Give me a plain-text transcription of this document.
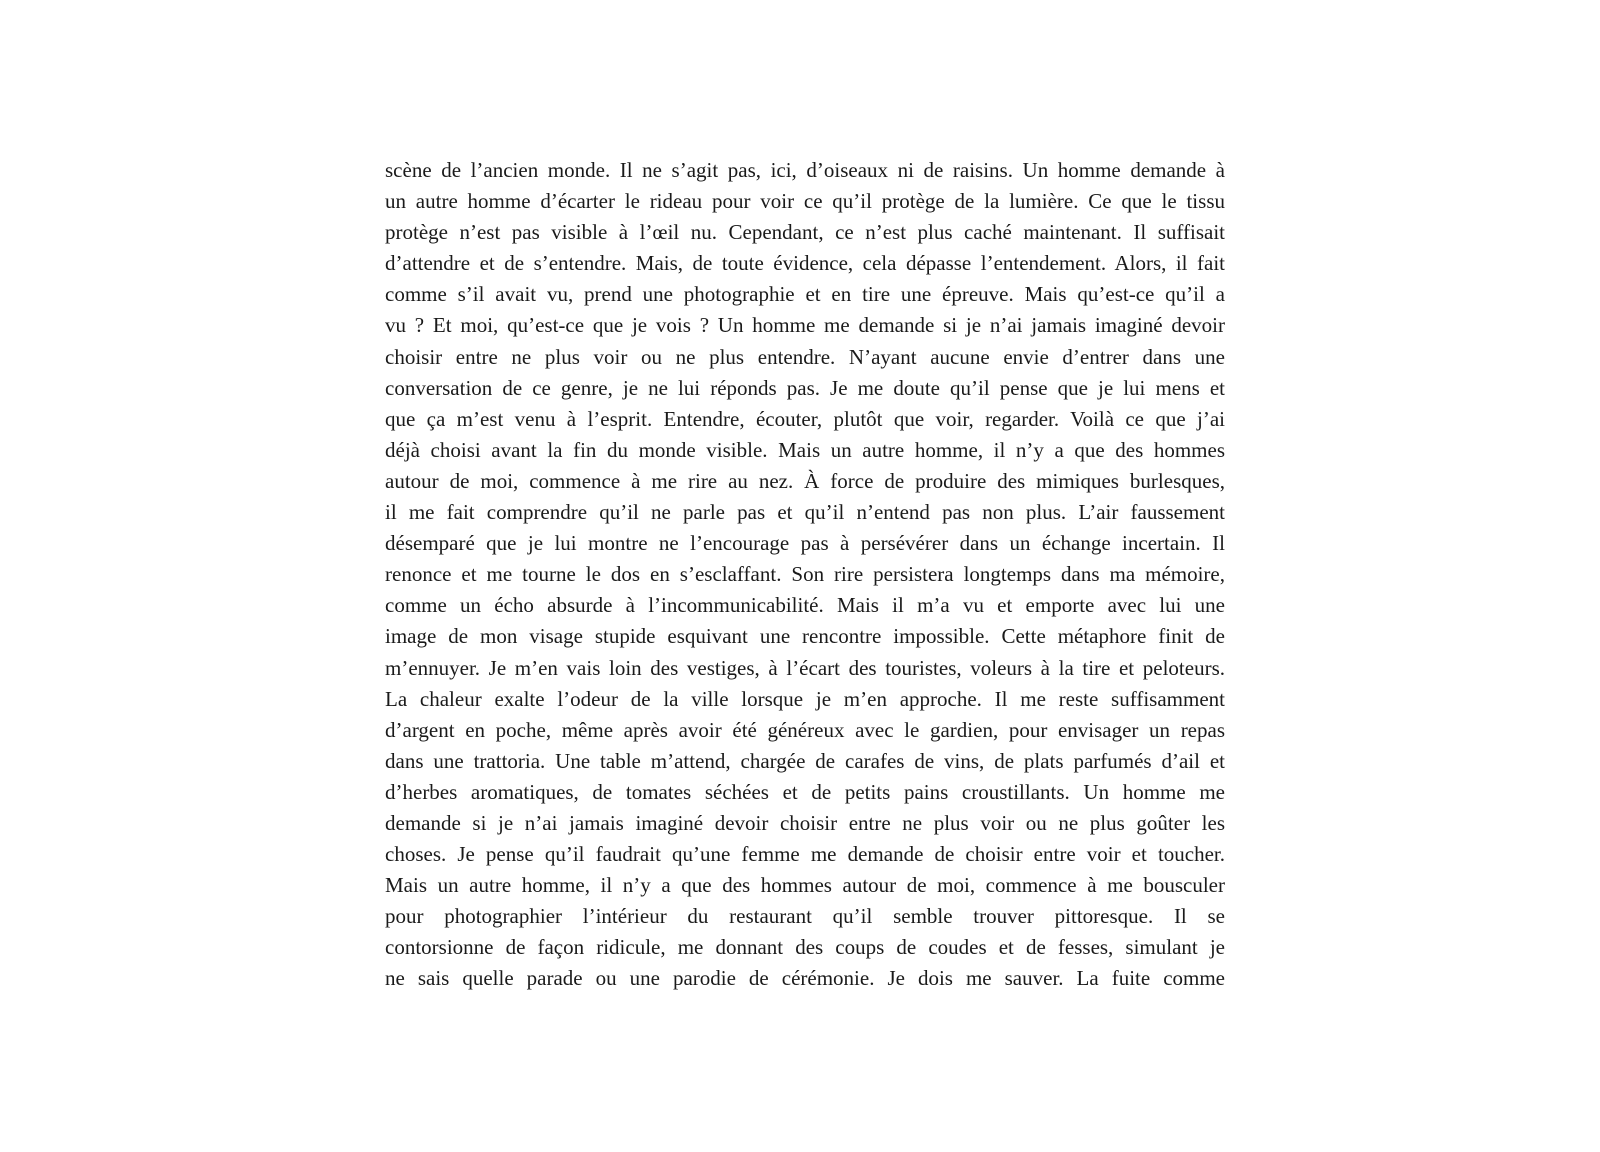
scène de l’ancien monde. Il ne s’agit pas, ici, d’oiseaux ni de raisins. Un homme demande à
un autre homme d’écarter le rideau pour voir ce qu’il protège de la lumière. Ce que le tissu
protège n’est pas visible à l’œil nu. Cependant, ce n’est plus caché maintenant. Il suffisait
d’attendre et de s’entendre. Mais, de toute évidence, cela dépasse l’entendement. Alors, il fait
comme s’il avait vu, prend une photographie et en tire une épreuve. Mais qu’est-ce qu’il a
vu ? Et moi, qu’est-ce que je vois ? Un homme me demande si je n’ai jamais imaginé devoir
choisir entre ne plus voir ou ne plus entendre. N’ayant aucune envie d’entrer dans une
conversation de ce genre, je ne lui réponds pas. Je me doute qu’il pense que je lui mens et
que ça m’est venu à l’esprit. Entendre, écouter, plutôt que voir, regarder. Voilà ce que j’ai
déjà choisi avant la fin du monde visible. Mais un autre homme, il n’y a que des hommes
autour de moi, commence à me rire au nez. À force de produire des mimiques burlesques,
il me fait comprendre qu’il ne parle pas et qu’il n’entend pas non plus. L’air faussement
désemparé que je lui montre ne l’encourage pas à persévérer dans un échange incertain. Il
renonce et me tourne le dos en s’esclaffant. Son rire persistera longtemps dans ma mémoire,
comme un écho absurde à l’incommunicabilité. Mais il m’a vu et emporte avec lui une
image de mon visage stupide esquivant une rencontre impossible. Cette métaphore finit de
m’ennuyer. Je m’en vais loin des vestiges, à l’écart des touristes, voleurs à la tire et peloteurs.
La chaleur exalte l’odeur de la ville lorsque je m’en approche. Il me reste suffisamment
d’argent en poche, même après avoir été généreux avec le gardien, pour envisager un repas
dans une trattoria. Une table m’attend, chargée de carafes de vins, de plats parfumés d’ail et
d’herbes aromatiques, de tomates séchées et de petits pains croustillants. Un homme me
demande si je n’ai jamais imaginé devoir choisir entre ne plus voir ou ne plus goûter les
choses. Je pense qu’il faudrait qu’une femme me demande de choisir entre voir et toucher.
Mais un autre homme, il n’y a que des hommes autour de moi, commence à me bousculer
pour photographier l’intérieur du restaurant qu’il semble trouver pittoresque. Il se
contorsionne de façon ridicule, me donnant des coups de coudes et de fesses, simulant je
ne sais quelle parade ou une parodie de cérémonie. Je dois me sauver. La fuite comme
